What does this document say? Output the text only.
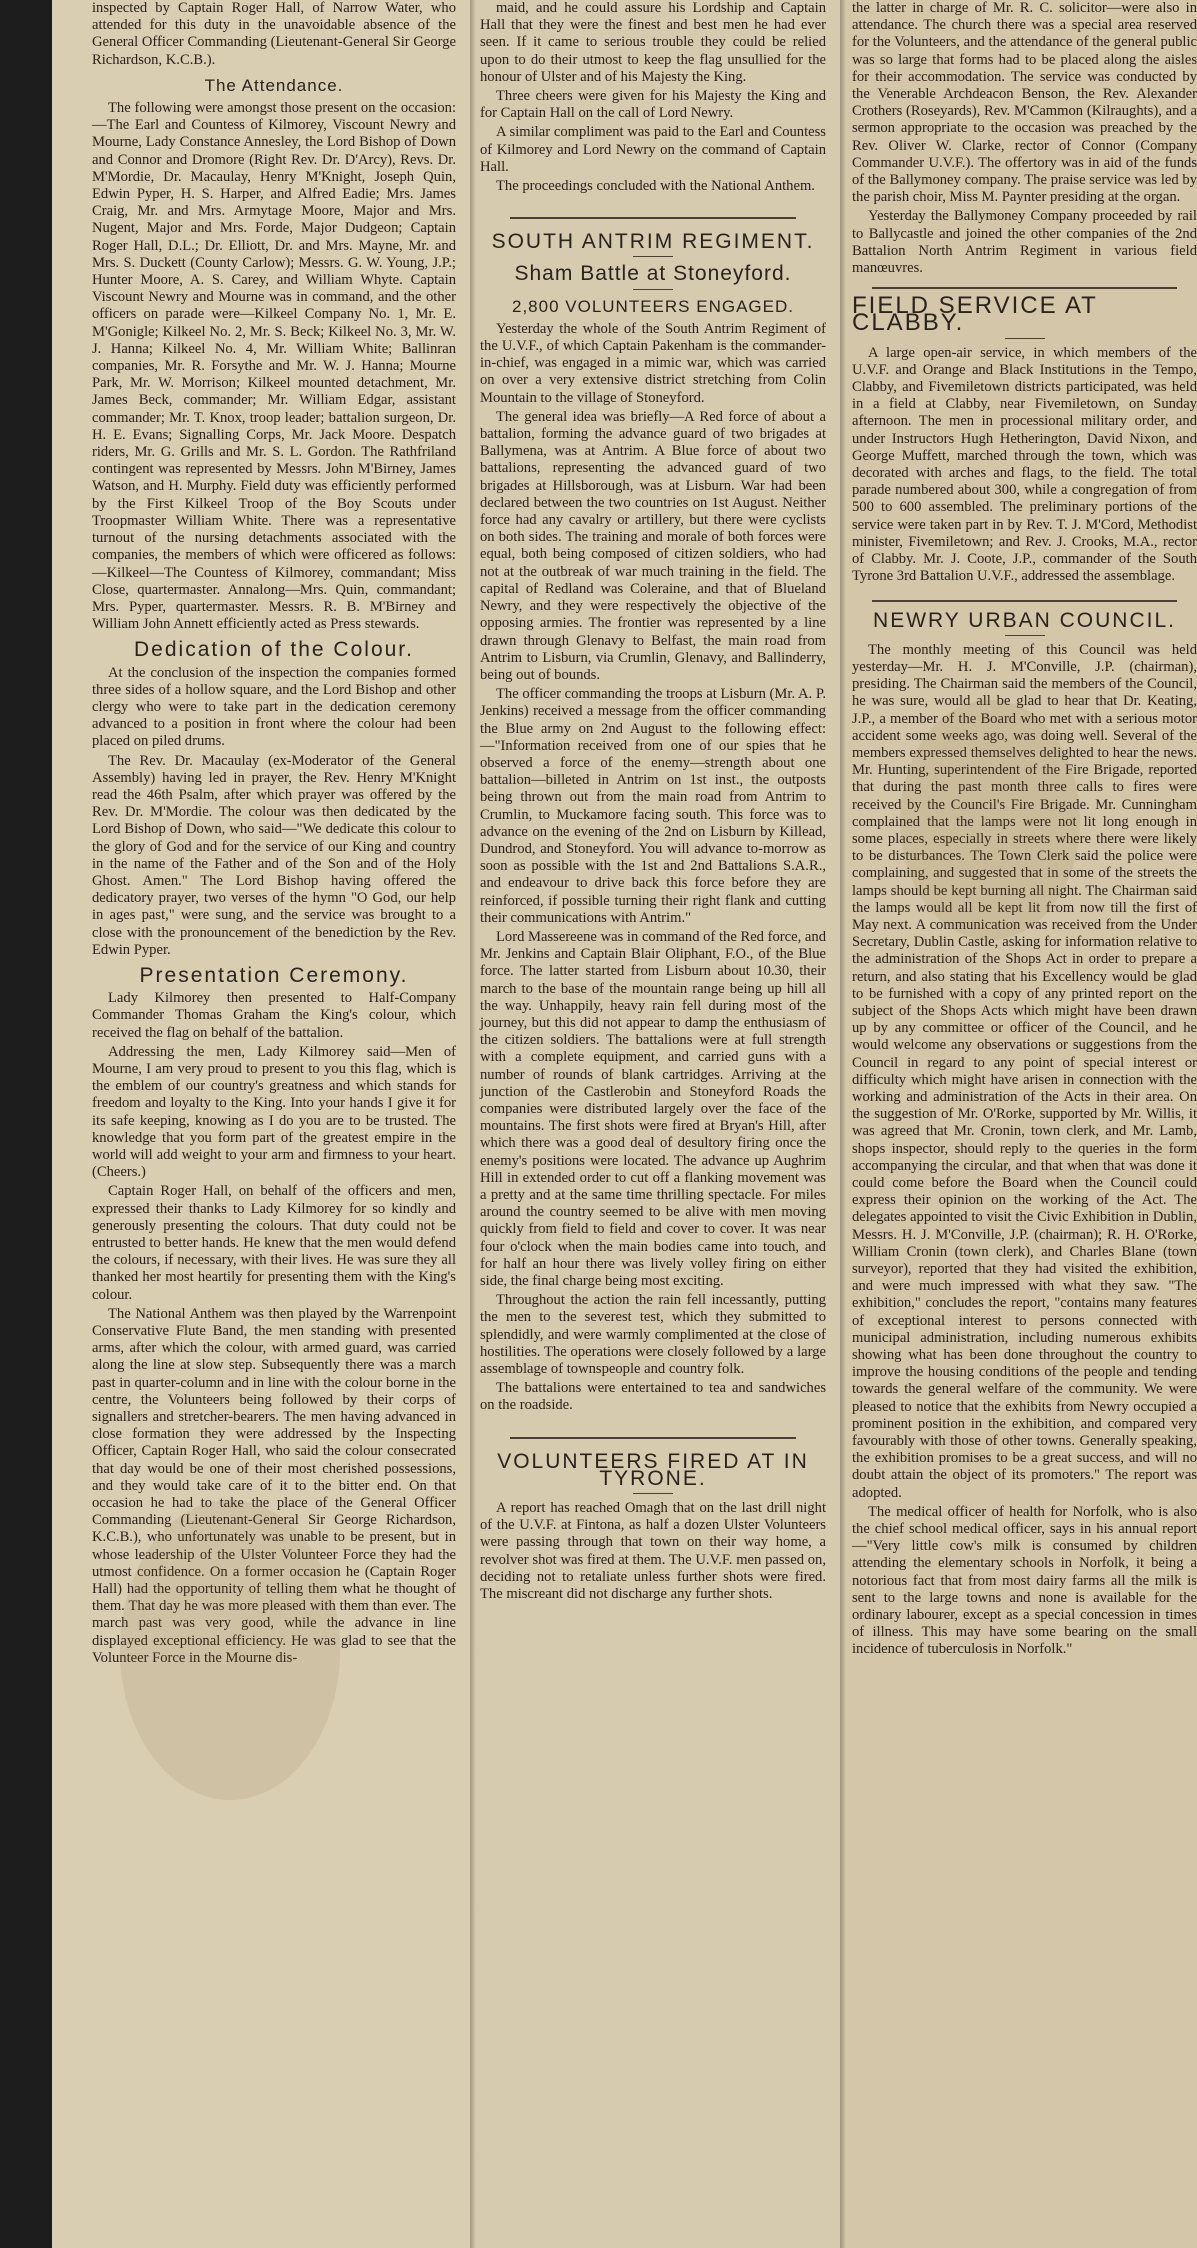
inspected by Captain Roger Hall, of Narrow Water, who attended for this duty in the unavoidable absence of the General Officer Commanding (Lieutenant-General Sir George Richardson, K.C.B.).

The Attendance.

The following were amongst those present on the occasion:—The Earl and Countess of Kilmorey, Viscount Newry and Mourne, Lady Constance Annesley, the Lord Bishop of Down and Connor and Dromore (Right Rev. Dr. D'Arcy), Revs. Dr. M'Mordie, Dr. Macaulay, Henry M'Knight, Joseph Quin, Edwin Pyper, H. S. Harper, and Alfred Eadie; Mrs. James Craig, Mr. and Mrs. Armytage Moore, Major and Mrs. Nugent, Major and Mrs. Forde, Major Dudgeon; Captain Roger Hall, D.L.; Dr. Elliott, Dr. and Mrs. Mayne, Mr. and Mrs. S. Duckett (County Carlow); Messrs. G. W. Young, J.P.; Hunter Moore, A. S. Carey, and William Whyte. Captain Viscount Newry and Mourne was in command, and the other officers on parade were—Kilkeel Company No. 1, Mr. E. M'Gonigle; Kilkeel No. 2, Mr. S. Beck; Kilkeel No. 3, Mr. W. J. Hanna; Kilkeel No. 4, Mr. William White; Ballinran companies, Mr. R. Forsythe and Mr. W. J. Hanna; Mourne Park, Mr. W. Morrison; Kilkeel mounted detachment, Mr. James Beck, commander; Mr. William Edgar, assistant commander; Mr. T. Knox, troop leader; battalion surgeon, Dr. H. E. Evans; Signalling Corps, Mr. Jack Moore. Despatch riders, Mr. G. Grills and Mr. S. L. Gordon. The Rathfriland contingent was represented by Messrs. John M'Birney, James Watson, and H. Murphy. Field duty was efficiently performed by the First Kilkeel Troop of the Boy Scouts under Troopmaster William White. There was a representative turnout of the nursing detachments associated with the companies, the members of which were officered as follows:—Kilkeel—The Countess of Kilmorey, commandant; Miss Close, quartermaster. Annalong—Mrs. Quin, commandant; Mrs. Pyper, quartermaster. Messrs. R. B. M'Birney and William John Annett efficiently acted as Press stewards.

Dedication of the Colour.

At the conclusion of the inspection the companies formed three sides of a hollow square, and the Lord Bishop and other clergy who were to take part in the dedication ceremony advanced to a position in front where the colour had been placed on piled drums.

The Rev. Dr. Macaulay (ex-Moderator of the General Assembly) having led in prayer, the Rev. Henry M'Knight read the 46th Psalm, after which prayer was offered by the Rev. Dr. M'Mordie. The colour was then dedicated by the Lord Bishop of Down, who said—"We dedicate this colour to the glory of God and for the service of our King and country in the name of the Father and of the Son and of the Holy Ghost. Amen." The Lord Bishop having offered the dedicatory prayer, two verses of the hymn "O God, our help in ages past," were sung, and the service was brought to a close with the pronouncement of the benediction by the Rev. Edwin Pyper.

Presentation Ceremony.

Lady Kilmorey then presented to Half-Company Commander Thomas Graham the King's colour, which received the flag on behalf of the battalion.

Addressing the men, Lady Kilmorey said—Men of Mourne, I am very proud to present to you this flag, which is the emblem of our country's greatness and which stands for freedom and loyalty to the King. Into your hands I give it for its safe keeping, knowing as I do you are to be trusted. The knowledge that you form part of the greatest empire in the world will add weight to your arm and firmness to your heart. (Cheers.)

Captain Roger Hall, on behalf of the officers and men, expressed their thanks to Lady Kilmorey for so kindly and generously presenting the colours. That duty could not be entrusted to better hands. He knew that the men would defend the colours, if necessary, with their lives. He was sure they all thanked her most heartily for presenting them with the King's colour.

The National Anthem was then played by the Warrenpoint Conservative Flute Band, the men standing with presented arms, after which the colour, with armed guard, was carried along the line at slow step. Subsequently there was a march past in quarter-column and in line with the colour borne in the centre, the Volunteers being followed by their corps of signallers and stretcher-bearers. The men having advanced in close formation they were addressed by the Inspecting Officer, Captain Roger Hall, who said the colour consecrated that day would be one of their most cherished possessions, and they would take care of it to the bitter end. On that occasion he had to take the place of the General Officer Commanding (Lieutenant-General Sir George Richardson, K.C.B.), who unfortunately was unable to be present, but in whose leadership of the Ulster Volunteer Force they had the utmost confidence. On a former occasion he (Captain Roger Hall) had the opportunity of telling them what he thought of them. That day he was more pleased with them than ever. The march past was very good, while the advance in line displayed exceptional efficiency. He was glad to see that the Volunteer Force in the Mourne dis-

maid, and he could assure his Lordship and Captain Hall that they were the finest and best men he had ever seen. If it came to serious trouble they could be relied upon to do their utmost to keep the flag unsullied for the honour of Ulster and of his Majesty the King.

Three cheers were given for his Majesty the King and for Captain Hall on the call of Lord Newry.

A similar compliment was paid to the Earl and Countess of Kilmorey and Lord Newry on the command of Captain Hall.

The proceedings concluded with the National Anthem.

SOUTH ANTRIM REGIMENT.
Sham Battle at Stoneyford.
2,800 VOLUNTEERS ENGAGED.

Yesterday the whole of the South Antrim Regiment of the U.V.F., of which Captain Pakenham is the commander-in-chief, was engaged in a mimic war, which was carried on over a very extensive district stretching from Colin Mountain to the village of Stoneyford.

The general idea was briefly—A Red force of about a battalion, forming the advance guard of two brigades at Ballymena, was at Antrim. A Blue force of about two battalions, representing the advanced guard of two brigades at Hillsborough, was at Lisburn. War had been declared between the two countries on 1st August. Neither force had any cavalry or artillery, but there were cyclists on both sides. The training and morale of both forces were equal, both being composed of citizen soldiers, who had not at the outbreak of war much training in the field. The capital of Redland was Coleraine, and that of Blueland Newry, and they were respectively the objective of the opposing armies. The frontier was represented by a line drawn through Glenavy to Belfast, the main road from Antrim to Lisburn, via Crumlin, Glenavy, and Ballinderry, being out of bounds.

The officer commanding the troops at Lisburn (Mr. A. P. Jenkins) received a message from the officer commanding the Blue army on 2nd August to the following effect:—"Information received from one of our spies that he observed a force of the enemy—strength about one battalion—billeted in Antrim on 1st inst., the outposts being thrown out from the main road from Antrim to Crumlin, to Muckamore facing south. This force was to advance on the evening of the 2nd on Lisburn by Killead, Dundrod, and Stoneyford. You will advance to-morrow as soon as possible with the 1st and 2nd Battalions S.A.R., and endeavour to drive back this force before they are reinforced, if possible turning their right flank and cutting their communications with Antrim."

Lord Massereene was in command of the Red force, and Mr. Jenkins and Captain Blair Oliphant, F.O., of the Blue force. The latter started from Lisburn about 10.30, their march to the base of the mountain range being up hill all the way. Unhappily, heavy rain fell during most of the journey, but this did not appear to damp the enthusiasm of the citizen soldiers. The battalions were at full strength with a complete equipment, and carried guns with a number of rounds of blank cartridges. Arriving at the junction of the Castlerobin and Stoneyford Roads the companies were distributed largely over the face of the mountains. The first shots were fired at Bryan's Hill, after which there was a good deal of desultory firing once the enemy's positions were located. The advance up Aughrim Hill in extended order to cut off a flanking movement was a pretty and at the same time thrilling spectacle. For miles around the country seemed to be alive with men moving quickly from field to field and cover to cover. It was near four o'clock when the main bodies came into touch, and for half an hour there was lively volley firing on either side, the final charge being most exciting.

Throughout the action the rain fell incessantly, putting the men to the severest test, which they submitted to splendidly, and were warmly complimented at the close of hostilities. The operations were closely followed by a large assemblage of townspeople and country folk.

The battalions were entertained to tea and sandwiches on the roadside.

VOLUNTEERS FIRED AT IN TYRONE.

A report has reached Omagh that on the last drill night of the U.V.F. at Fintona, as half a dozen Ulster Volunteers were passing through that town on their way home, a revolver shot was fired at them. The U.V.F. men passed on, deciding not to retaliate unless further shots were fired. The miscreant did not discharge any further shots.

the latter in charge of Mr. R. C. solicitor—were also in attendance. The church there was a special area reserved for the Volunteers, and the attendance of the general public was so large that forms had to be placed along the aisles for their accommodation. The service was conducted by the Venerable Archdeacon Benson, the Rev. Alexander Crothers (Roseyards), Rev. M'Cammon (Kilraughts), and a sermon appropriate to the occasion was preached by the Rev. Oliver W. Clarke, rector of Connor (Company Commander U.V.F.). The offertory was in aid of the funds of the Ballymoney company. The praise service was led by the parish choir, Miss M. Paynter presiding at the organ.

Yesterday the Ballymoney Company proceeded by rail to Ballycastle and joined the other companies of the 2nd Battalion North Antrim Regiment in various field manœuvres.

FIELD SERVICE AT CLABBY.

A large open-air service, in which members of the U.V.F. and Orange and Black Institutions in the Tempo, Clabby, and Fivemiletown districts participated, was held in a field at Clabby, near Fivemiletown, on Sunday afternoon. The men in processional military order, and under Instructors Hugh Hetherington, David Nixon, and George Muffett, marched through the town, which was decorated with arches and flags, to the field. The total parade numbered about 300, while a congregation of from 500 to 600 assembled. The preliminary portions of the service were taken part in by Rev. T. J. M'Cord, Methodist minister, Fivemiletown; and Rev. J. Crooks, M.A., rector of Clabby. Mr. J. Coote, J.P., commander of the South Tyrone 3rd Battalion U.V.F., addressed the assemblage.

NEWRY URBAN COUNCIL.

The monthly meeting of this Council was held yesterday—Mr. H. J. M'Conville, J.P. (chairman), presiding. The Chairman said the members of the Council, he was sure, would all be glad to hear that Dr. Keating, J.P., a member of the Board who met with a serious motor accident some weeks ago, was doing well. Several of the members expressed themselves delighted to hear the news. Mr. Hunting, superintendent of the Fire Brigade, reported that during the past month three calls to fires were received by the Council's Fire Brigade. Mr. Cunningham complained that the lamps were not lit long enough in some places, especially in streets where there were likely to be disturbances. The Town Clerk said the police were complaining, and suggested that in some of the streets the lamps should be kept burning all night. The Chairman said the lamps would all be kept lit from now till the first of May next. A communication was received from the Under Secretary, Dublin Castle, asking for information relative to the administration of the Shops Act in order to prepare a return, and also stating that his Excellency would be glad to be furnished with a copy of any printed report on the subject of the Shops Acts which might have been drawn up by any committee or officer of the Council, and he would welcome any observations or suggestions from the Council in regard to any point of special interest or difficulty which might have arisen in connection with the working and administration of the Acts in their area. On the suggestion of Mr. O'Rorke, supported by Mr. Willis, it was agreed that Mr. Cronin, town clerk, and Mr. Lamb, shops inspector, should reply to the queries in the form accompanying the circular, and that when that was done it could come before the Board when the Council could express their opinion on the working of the Act. The delegates appointed to visit the Civic Exhibition in Dublin, Messrs. H. J. M'Conville, J.P. (chairman); R. H. O'Rorke, William Cronin (town clerk), and Charles Blane (town surveyor), reported that they had visited the exhibition, and were much impressed with what they saw. "The exhibition," concludes the report, "contains many features of exceptional interest to persons connected with municipal administration, including numerous exhibits showing what has been done throughout the country to improve the housing conditions of the people and tending towards the general welfare of the community. We were pleased to notice that the exhibits from Newry occupied a prominent position in the exhibition, and compared very favourably with those of other towns. Generally speaking, the exhibition promises to be a great success, and will no doubt attain the object of its promoters." The report was adopted.

The medical officer of health for Norfolk, who is also the chief school medical officer, says in his annual report—"Very little cow's milk is consumed by children attending the elementary schools in Norfolk, it being a notorious fact that from most dairy farms all the milk is sent to the large towns and none is available for the ordinary labourer, except as a special concession in times of illness. This may have some bearing on the small incidence of tuberculosis in Norfolk."
